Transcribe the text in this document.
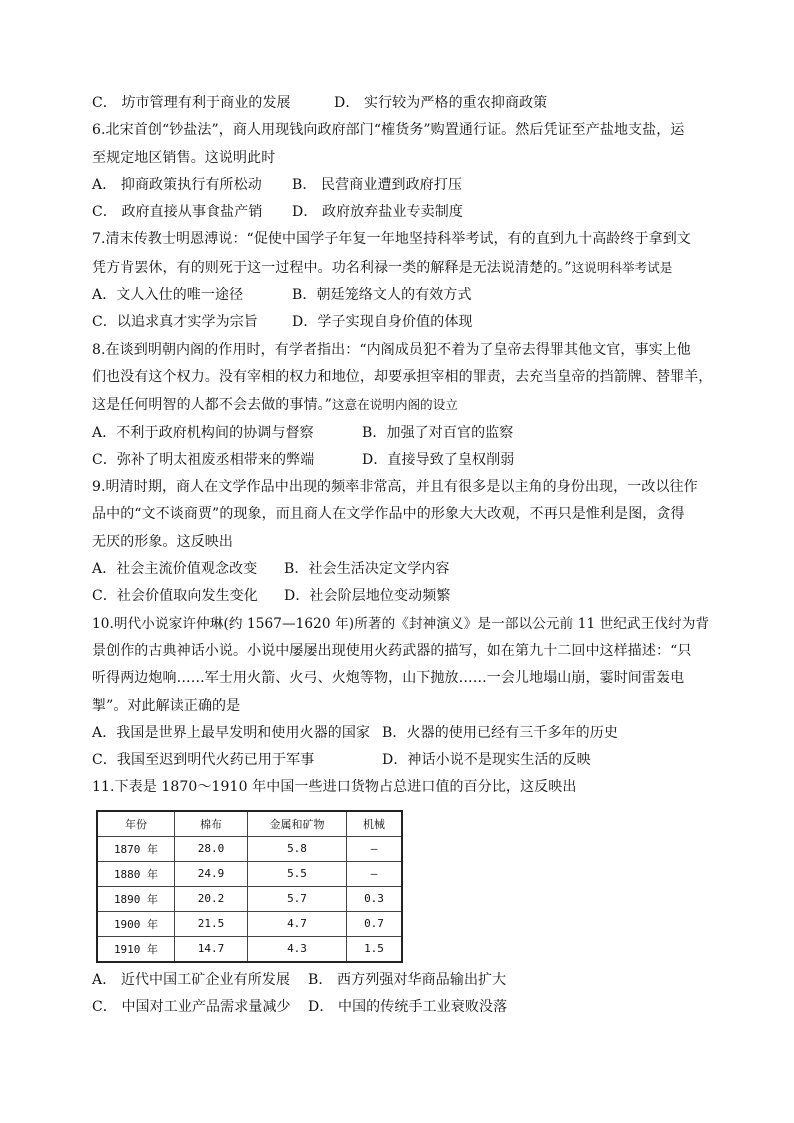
C． 坊市管理有利于商业的发展	D． 实行较为严格的重农抑商政策
6.北宋首创“钞盐法”，商人用现钱向政府部门“榷货务”购置通行证。然后凭证至产盐地支盐，运
至规定地区销售。这说明此时
A． 抑商政策执行有所松动 B． 民营商业遭到政府打压
C． 政府直接从事食盐产销 D． 政府放弃盐业专卖制度
7.清末传教士明恩溥说：“促使中国学子年复一年地坚持科举考试，有的直到九十高龄终于拿到文
凭方肯罢休，有的则死于这一过程中。功名利禄一类的解释是无法说清楚的。”这说明科举考试是
A．文人入仕的唯一途径	B．朝廷笼络文人的有效方式
C．以追求真才实学为宗旨 D．学子实现自身价值的体现
8.在谈到明朝内阁的作用时，有学者指出：“内阁成员犯不着为了皇帝去得罪其他文官，事实上他
们也没有这个权力。没有宰相的权力和地位，却要承担宰相的罪责，去充当皇帝的挡箭牌、替罪羊，
这是任何明智的人都不会去做的事情。”这意在说明内阁的设立
A．不利于政府机构间的协调与督察	B．加强了对百官的监察
C．弥补了明太祖废丞相带来的弊端	D．直接导致了皇权削弱
9.明清时期，商人在文学作品中出现的频率非常高，并且有很多是以主角的身份出现，一改以往作
品中的“文不谈商贾”的现象，而且商人在文学作品中的形象大大改观，不再只是惟利是图，贪得
无厌的形象。这反映出
A．社会主流价值观念改变 B．社会生活决定文学内容
C．社会价值取向发生变化 D．社会阶层地位变动频繁
10.明代小说家许仲琳(约 1567—1620 年)所著的《封神演义》是一部以公元前 11 世纪武王伐纣为背
景创作的古典神话小说。小说中屡屡出现使用火药武器的描写，如在第九十二回中这样描述：“只
听得两边炮响……军士用火箭、火弓、火炮等物，山下抛放……一会儿地塌山崩，霎时间雷轰电
掣”。对此解读正确的是
A．我国是世界上最早发明和使用火器的国家 B．火器的使用已经有三千多年的历史
C．我国至迟到明代火药已用于军事	D．神话小说不是现实生活的反映
11.下表是 1870～1910 年中国一些进口货物占总进口值的百分比，这反映出
年份	棉布	金属和矿物	机械
1870 年	28.0	5.8	—
1880 年	24.9	5.5	—
1890 年	20.2	5.7	0.3
1900 年	21.5	4.7	0.7
1910 年	14.7	4.3	1.5
A． 近代中国工矿企业有所发展 B． 西方列强对华商品输出扩大
C． 中国对工业产品需求量减少 D． 中国的传统手工业衰败没落
